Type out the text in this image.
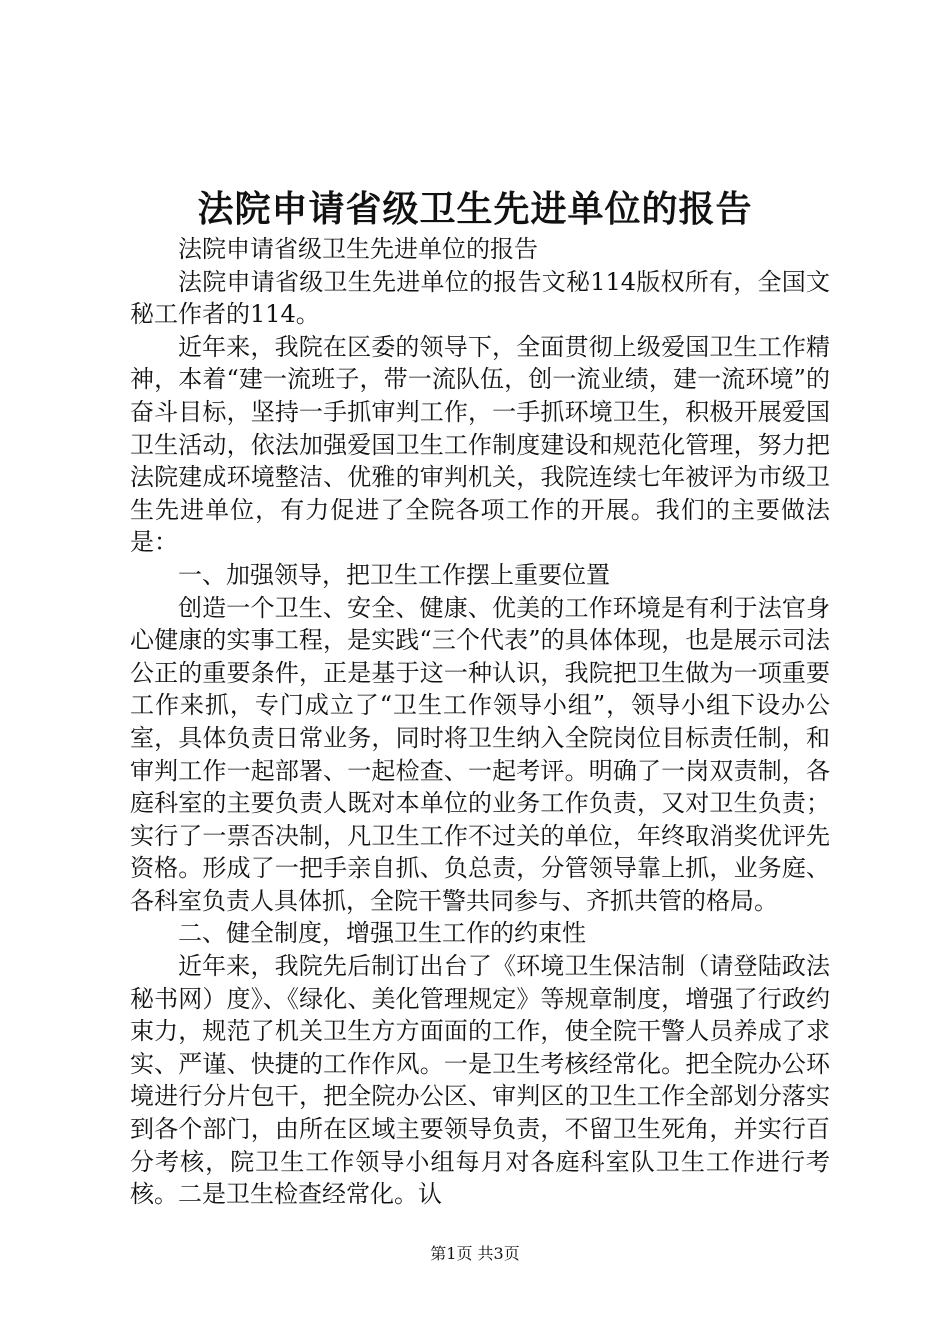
法院申请省级卫生先进单位的报告

法院申请省级卫生先进单位的报告

法院申请省级卫生先进单位的报告文秘114版权所有，全国文秘工作者的114。

近年来，我院在区委的领导下，全面贯彻上级爱国卫生工作精神，本着“建一流班子，带一流队伍，创一流业绩，建一流环境”的奋斗目标，坚持一手抓审判工作，一手抓环境卫生，积极开展爱国卫生活动，依法加强爱国卫生工作制度建设和规范化管理，努力把法院建成环境整洁、优雅的审判机关，我院连续七年被评为市级卫生先进单位，有力促进了全院各项工作的开展。我们的主要做法是：

一、加强领导，把卫生工作摆上重要位置

创造一个卫生、安全、健康、优美的工作环境是有利于法官身心健康的实事工程，是实践“三个代表”的具体体现，也是展示司法公正的重要条件，正是基于这一种认识，我院把卫生做为一项重要工作来抓，专门成立了“卫生工作领导小组”，领导小组下设办公室，具体负责日常业务，同时将卫生纳入全院岗位目标责任制，和审判工作一起部署、一起检查、一起考评。明确了一岗双责制，各庭科室的主要负责人既对本单位的业务工作负责，又对卫生负责；实行了一票否决制，凡卫生工作不过关的单位，年终取消奖优评先资格。形成了一把手亲自抓、负总责，分管领导靠上抓，业务庭、各科室负责人具体抓，全院干警共同参与、齐抓共管的格局。

二、健全制度，增强卫生工作的约束性

近年来，我院先后制订出台了《环境卫生保洁制（请登陆政法秘书网）度》、《绿化、美化管理规定》等规章制度，增强了行政约束力，规范了机关卫生方方面面的工作，使全院干警人员养成了求实、严谨、快捷的工作作风。一是卫生考核经常化。把全院办公环境进行分片包干，把全院办公区、审判区的卫生工作全部划分落实到各个部门，由所在区域主要领导负责，不留卫生死角，并实行百分考核，院卫生工作领导小组每月对各庭科室队卫生工作进行考核。二是卫生检查经常化。认

第1页 共3页
